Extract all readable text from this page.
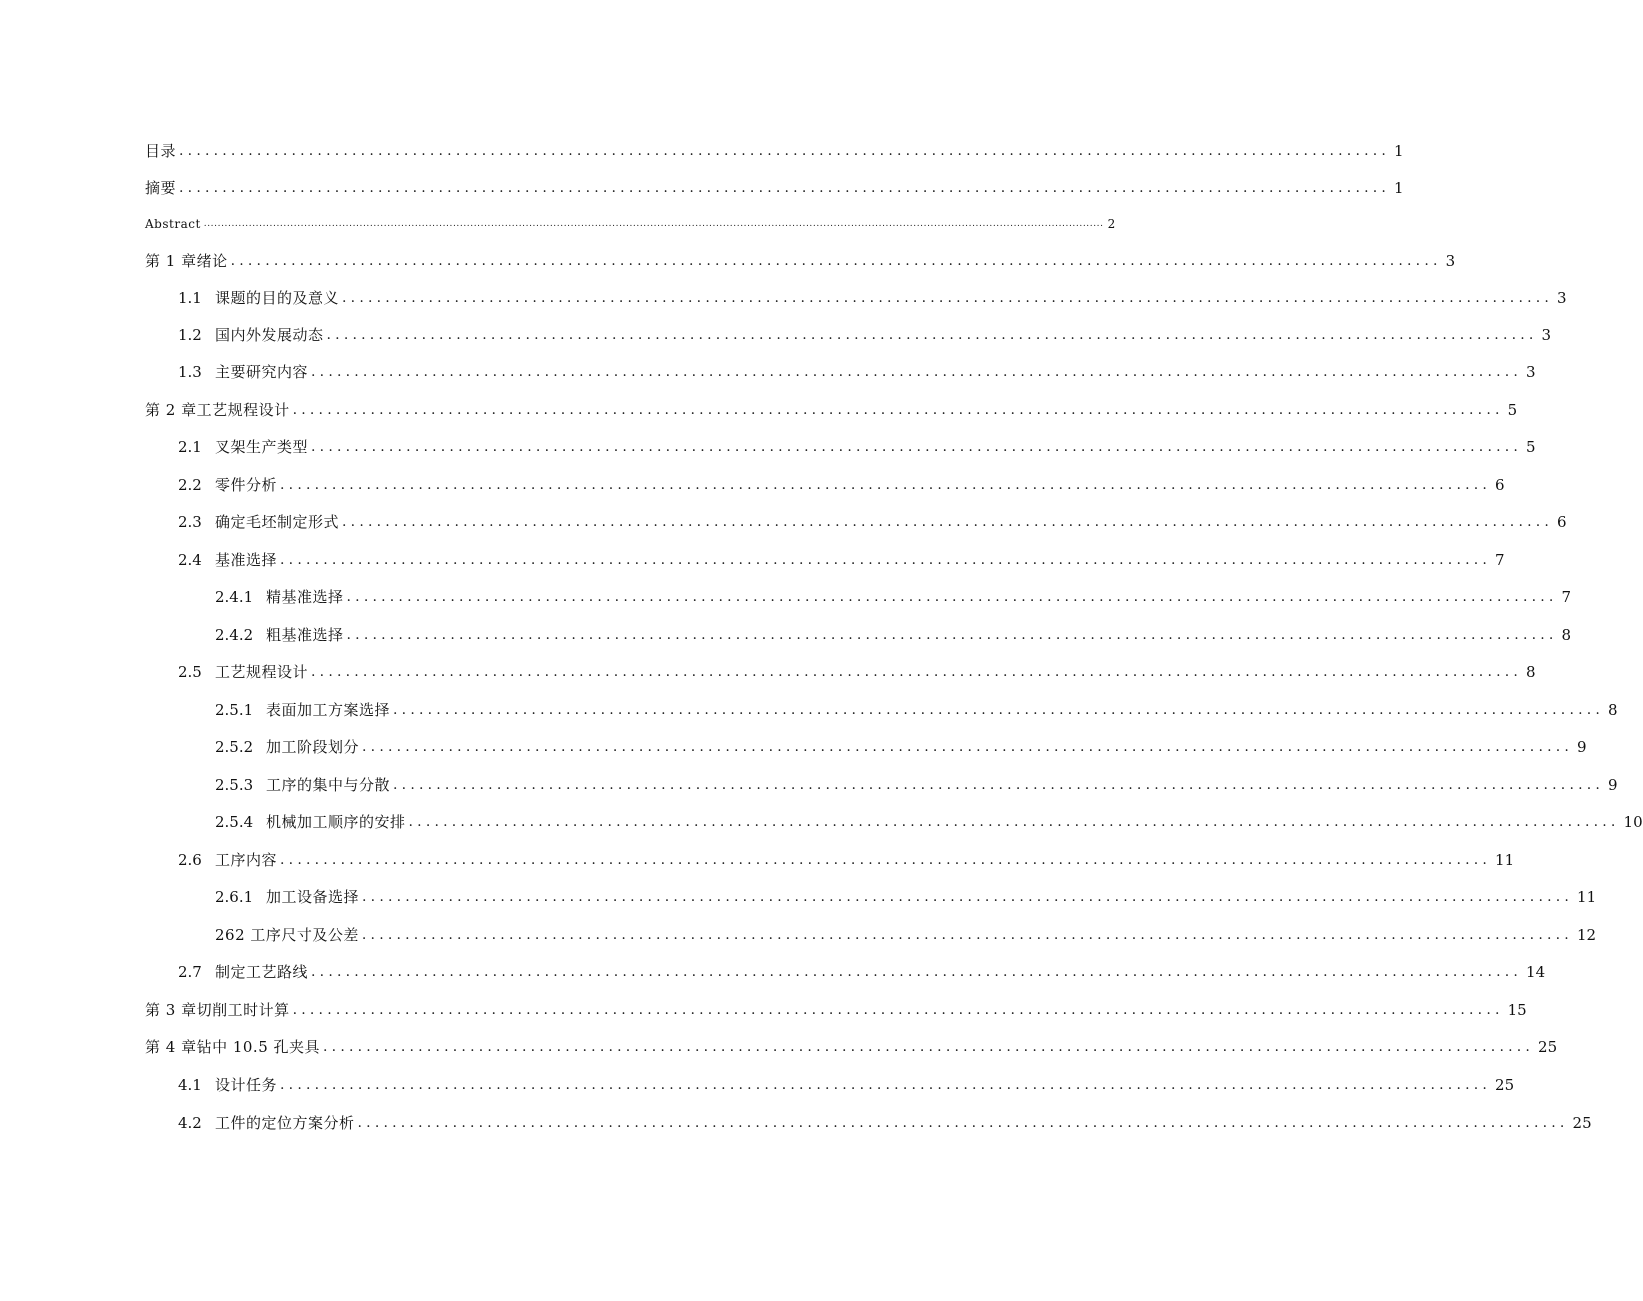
目录 ............................................................................................................................................ 1
摘要 ............................................................................................................................................ 1
Abstract .................................................................................................................................................................................................................................................................... 2
第 1 章绪论 ............................................................................................................................................ 3
1.1 课题的目的及意义 ............................................................................................................................................ 3
1.2 国内外发展动态 ............................................................................................................................................ 3
1.3 主要研究内容 ............................................................................................................................................ 3
第 2 章工艺规程设计 ............................................................................................................................................ 5
2.1 叉架生产类型 ............................................................................................................................................ 5
2.2 零件分析 ............................................................................................................................................ 6
2.3 确定毛坯制定形式 ............................................................................................................................................ 6
2.4 基准选择 ............................................................................................................................................ 7
2.4.1 精基准选择 ............................................................................................................................................ 7
2.4.2 粗基准选择 ............................................................................................................................................ 8
2.5 工艺规程设计 ............................................................................................................................................ 8
2.5.1 表面加工方案选择 ............................................................................................................................................ 8
2.5.2 加工阶段划分 ............................................................................................................................................ 9
2.5.3 工序的集中与分散 ............................................................................................................................................ 9
2.5.4 机械加工顺序的安排 ............................................................................................................................................ 10
2.6 工序内容 ............................................................................................................................................ 11
2.6.1 加工设备选择 ............................................................................................................................................ 11
262 工序尺寸及公差 ............................................................................................................................................ 12
2.7 制定工艺路线 ............................................................................................................................................ 14
第 3 章切削工时计算 ............................................................................................................................................ 15
第 4 章钻中 10.5 孔夹具 ............................................................................................................................................ 25
4.1 设计任务 ............................................................................................................................................ 25
4.2 工件的定位方案分析 ............................................................................................................................................ 25
